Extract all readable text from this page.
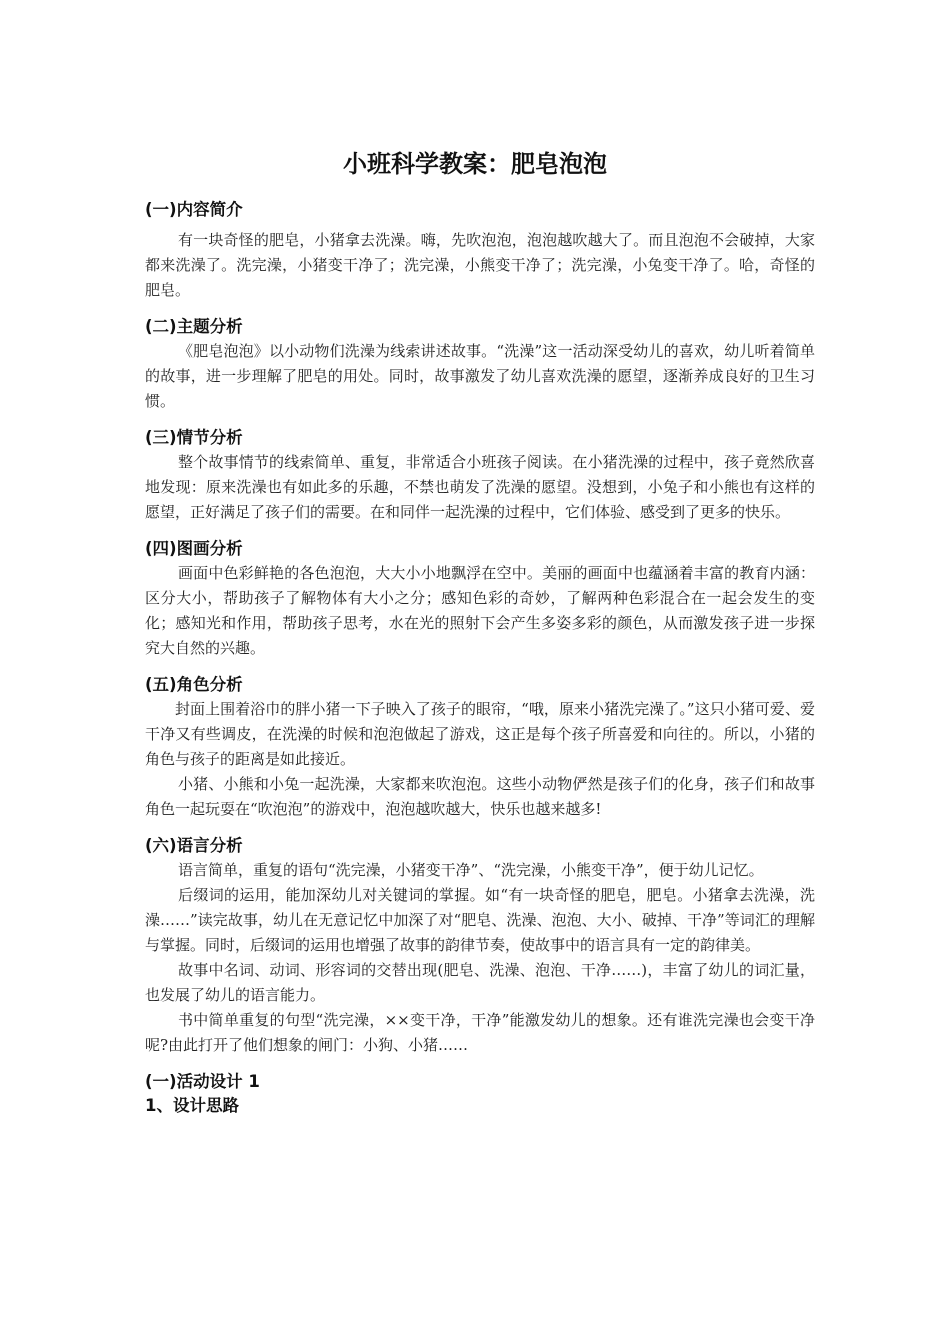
小班科学教案：肥皂泡泡

(一)内容简介

有一块奇怪的肥皂，小猪拿去洗澡。嗨，先吹泡泡，泡泡越吹越大了。而且泡泡不会破掉，大家都来洗澡了。洗完澡，小猪变干净了；洗完澡，小熊变干净了；洗完澡，小兔变干净了。哈，奇怪的肥皂。

(二)主题分析

《肥皂泡泡》以小动物们洗澡为线索讲述故事。“洗澡”这一活动深受幼儿的喜欢，幼儿听着简单的故事，进一步理解了肥皂的用处。同时，故事激发了幼儿喜欢洗澡的愿望，逐渐养成良好的卫生习惯。

(三)情节分析

整个故事情节的线索简单、重复，非常适合小班孩子阅读。在小猪洗澡的过程中，孩子竟然欣喜地发现：原来洗澡也有如此多的乐趣，不禁也萌发了洗澡的愿望。没想到，小兔子和小熊也有这样的愿望，正好满足了孩子们的需要。在和同伴一起洗澡的过程中，它们体验、感受到了更多的快乐。

(四)图画分析

画面中色彩鲜艳的各色泡泡，大大小小地飘浮在空中。美丽的画面中也蕴涵着丰富的教育内涵：区分大小，帮助孩子了解物体有大小之分；感知色彩的奇妙，了解两种色彩混合在一起会发生的变化；感知光和作用，帮助孩子思考，水在光的照射下会产生多姿多彩的颜色，从而激发孩子进一步探究大自然的兴趣。

(五)角色分析

封面上围着浴巾的胖小猪一下子映入了孩子的眼帘，“哦，原来小猪洗完澡了。”这只小猪可爱、爱干净又有些调皮，在洗澡的时候和泡泡做起了游戏，这正是每个孩子所喜爱和向往的。所以，小猪的角色与孩子的距离是如此接近。

小猪、小熊和小兔一起洗澡，大家都来吹泡泡。这些小动物俨然是孩子们的化身，孩子们和故事角色一起玩耍在“吹泡泡”的游戏中，泡泡越吹越大，快乐也越来越多!

(六)语言分析

语言简单，重复的语句“洗完澡，小猪变干净”、“洗完澡，小熊变干净”，便于幼儿记忆。

后缀词的运用，能加深幼儿对关键词的掌握。如“有一块奇怪的肥皂，肥皂。小猪拿去洗澡，洗澡……”读完故事，幼儿在无意记忆中加深了对“肥皂、洗澡、泡泡、大小、破掉、干净”等词汇的理解与掌握。同时，后缀词的运用也增强了故事的韵律节奏，使故事中的语言具有一定的韵律美。

故事中名词、动词、形容词的交替出现(肥皂、洗澡、泡泡、干净……)，丰富了幼儿的词汇量，也发展了幼儿的语言能力。

书中简单重复的句型“洗完澡，××变干净，干净”能激发幼儿的想象。还有谁洗完澡也会变干净呢?由此打开了他们想象的闸门：小狗、小猪……

(一)活动设计 1

1、设计思路
